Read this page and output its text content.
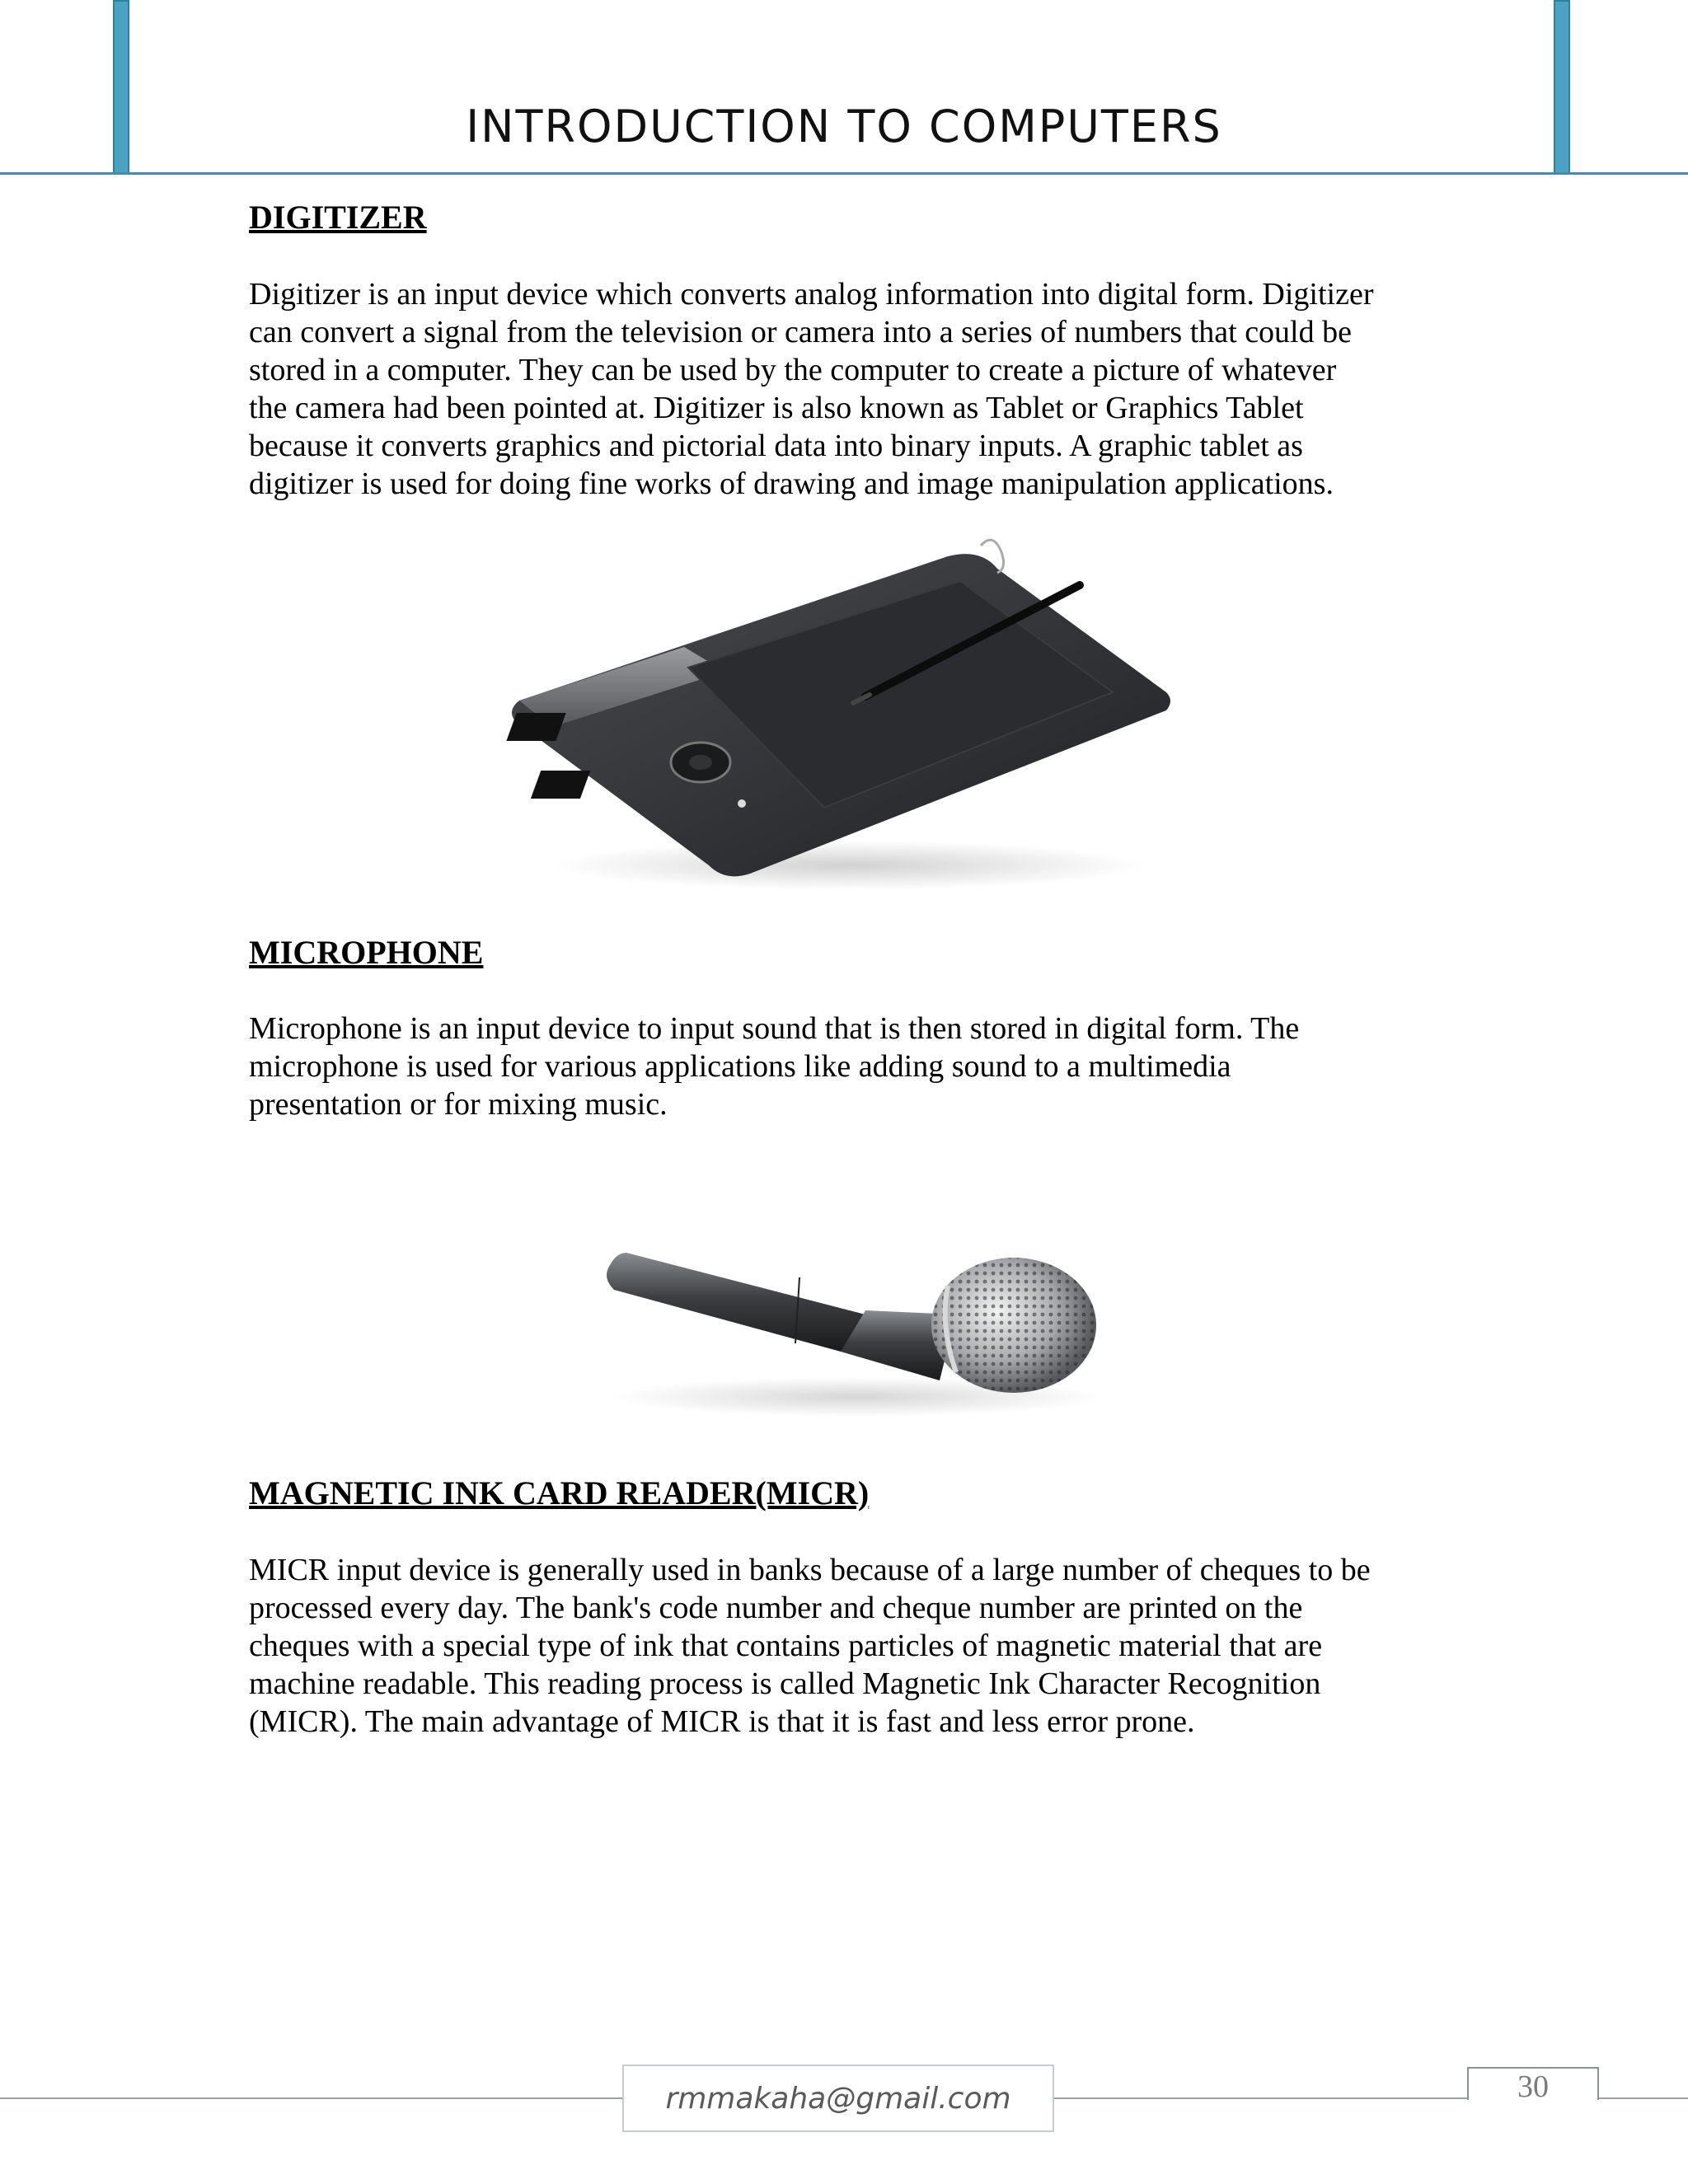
INTRODUCTION TO COMPUTERS
DIGITIZER
Digitizer is an input device which converts analog information into digital form. Digitizer
can convert a signal from the television or camera into a series of numbers that could be
stored in a computer. They can be used by the computer to create a picture of whatever
the camera had been pointed at. Digitizer is also known as Tablet or Graphics Tablet
because it converts graphics and pictorial data into binary inputs. A graphic tablet as
digitizer is used for doing fine works of drawing and image manipulation applications.
MICROPHONE
Microphone is an input device to input sound that is then stored in digital form. The
microphone is used for various applications like adding sound to a multimedia
presentation or for mixing music.
MAGNETIC INK CARD READER(MICR)
MICR input device is generally used in banks because of a large number of cheques to be
processed every day. The bank's code number and cheque number are printed on the
cheques with a special type of ink that contains particles of magnetic material that are
machine readable. This reading process is called Magnetic Ink Character Recognition
(MICR). The main advantage of MICR is that it is fast and less error prone.
rmmakaha@gmail.com	30
